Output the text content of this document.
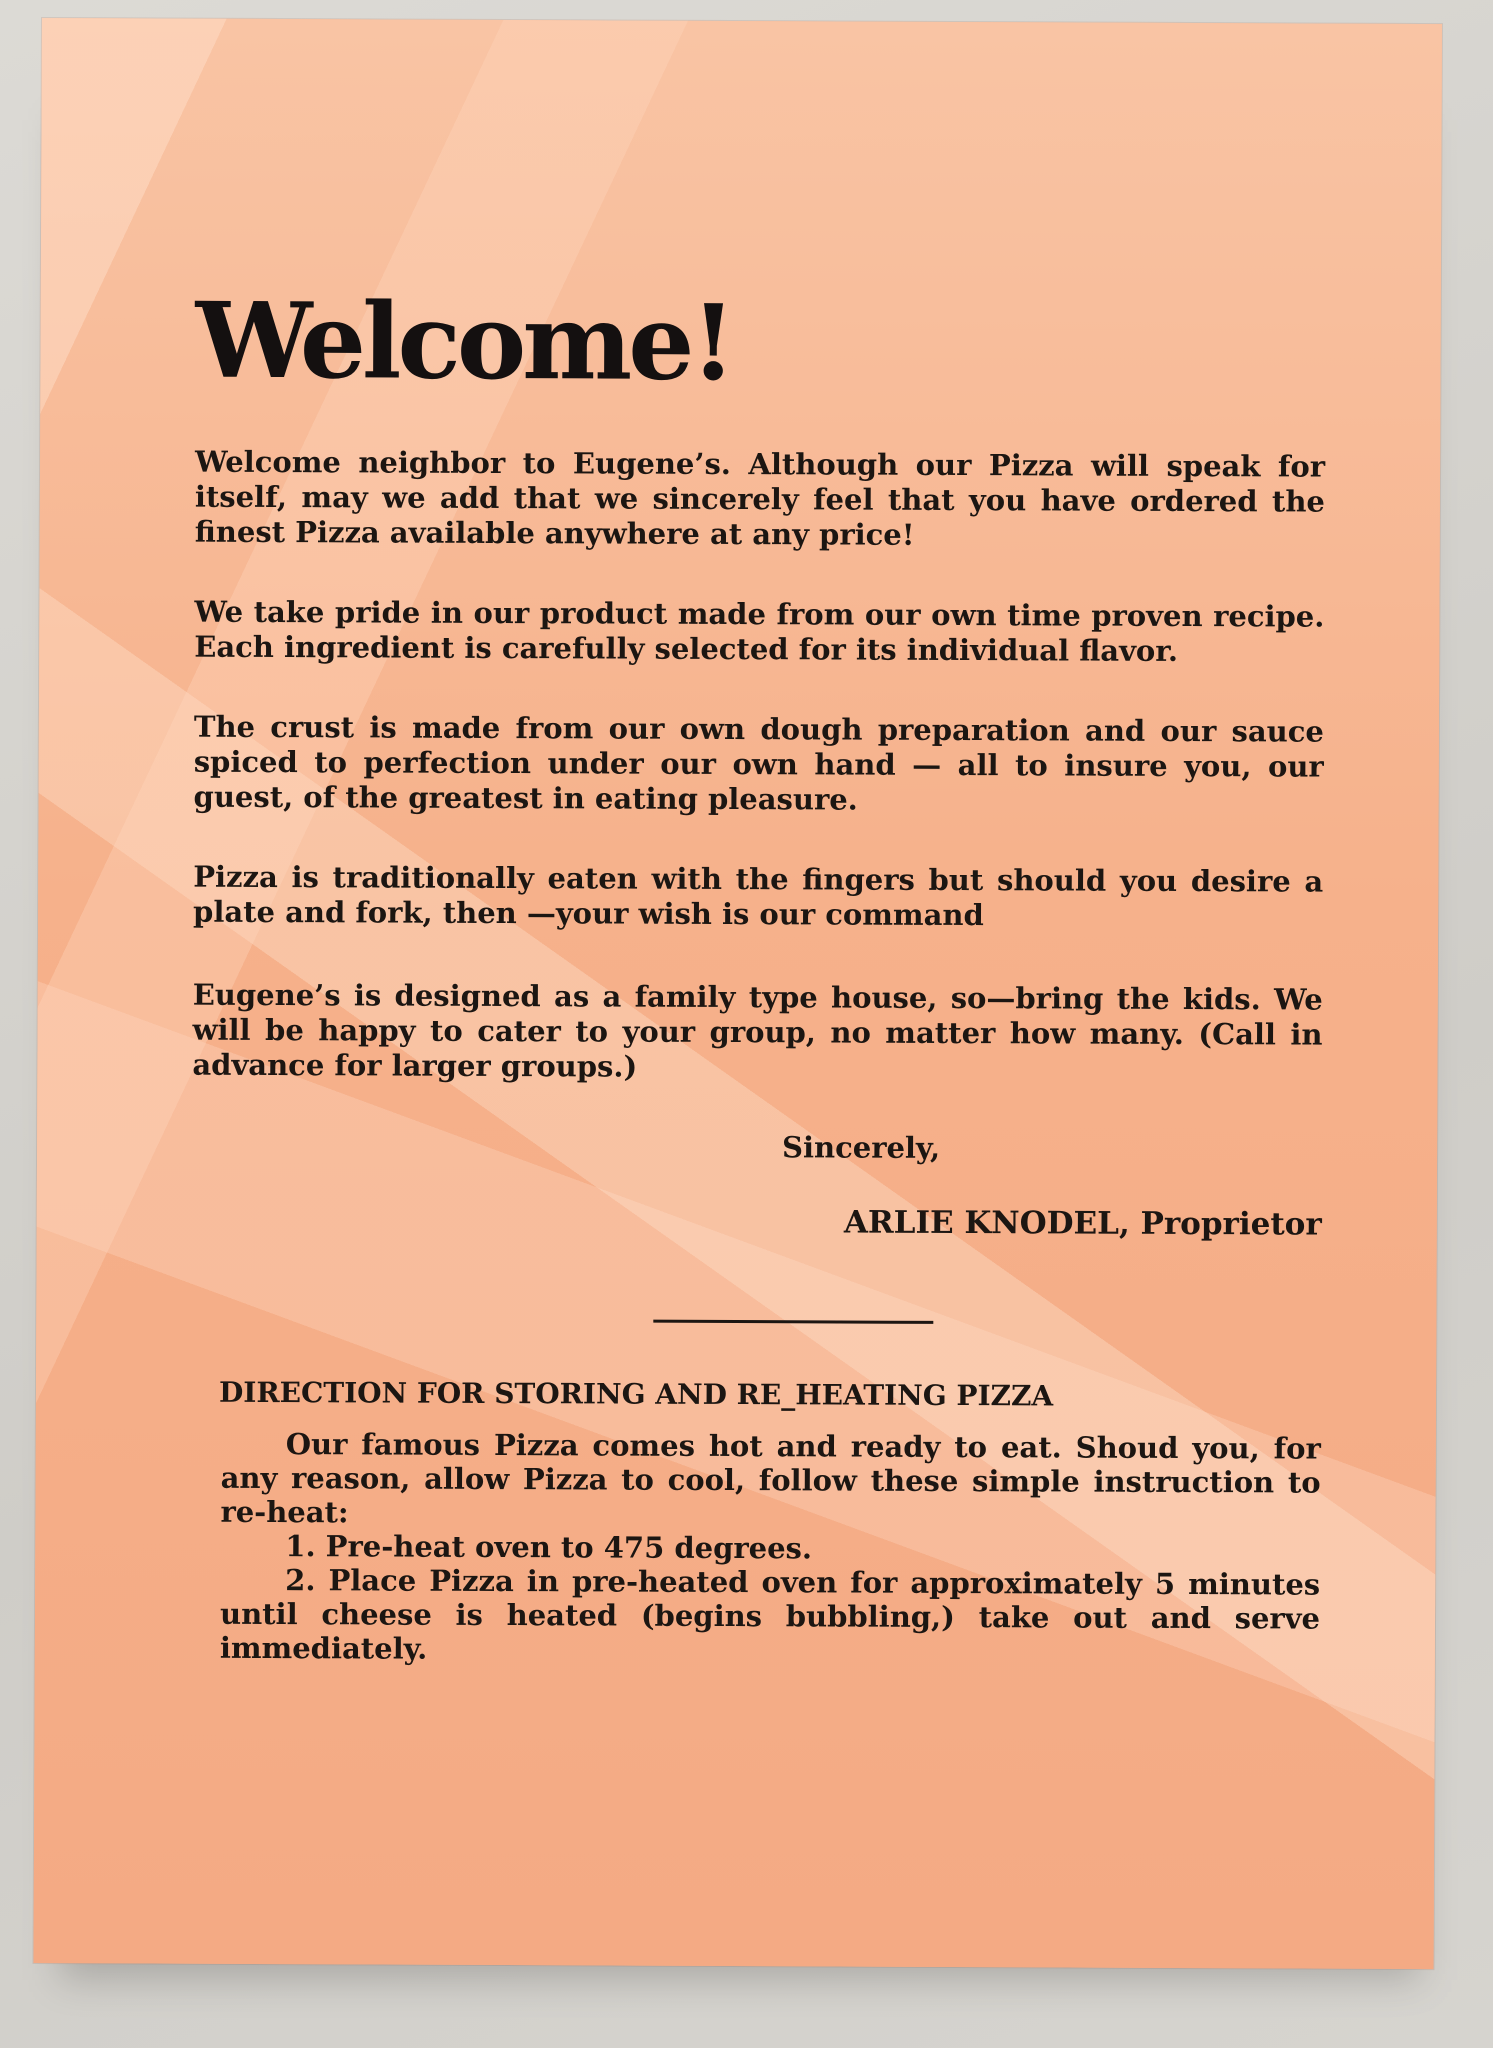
Welcome!

Welcome neighbor to Eugene’s. Although our Pizza will speak for itself, may we add that we sincerely feel that you have ordered the finest Pizza available anywhere at any price!

We take pride in our product made from our own time proven recipe. Each ingredient is carefully selected for its individual flavor.

The crust is made from our own dough preparation and our sauce spiced to perfection under our own hand — all to insure you, our guest, of the greatest in eating pleasure.

Pizza is traditionally eaten with the fingers but should you desire a plate and fork, then —your wish is our command

Eugene’s is designed as a family type house, so—bring the kids. We will be happy to cater to your group, no matter how many. (Call in advance for larger groups.)

Sincerely,
ARLIE KNODEL, Proprietor
DIRECTION FOR STORING AND RE_HEATING PIZZA

Our famous Pizza comes hot and ready to eat. Shoud you, for any reason, allow Pizza to cool, follow these simple instruction to re-heat:

1. Pre-heat oven to 475 degrees.

2. Place Pizza in pre-heated oven for approximately 5 minutes until cheese is heated (begins bubbling,) take out and serve immediately.
